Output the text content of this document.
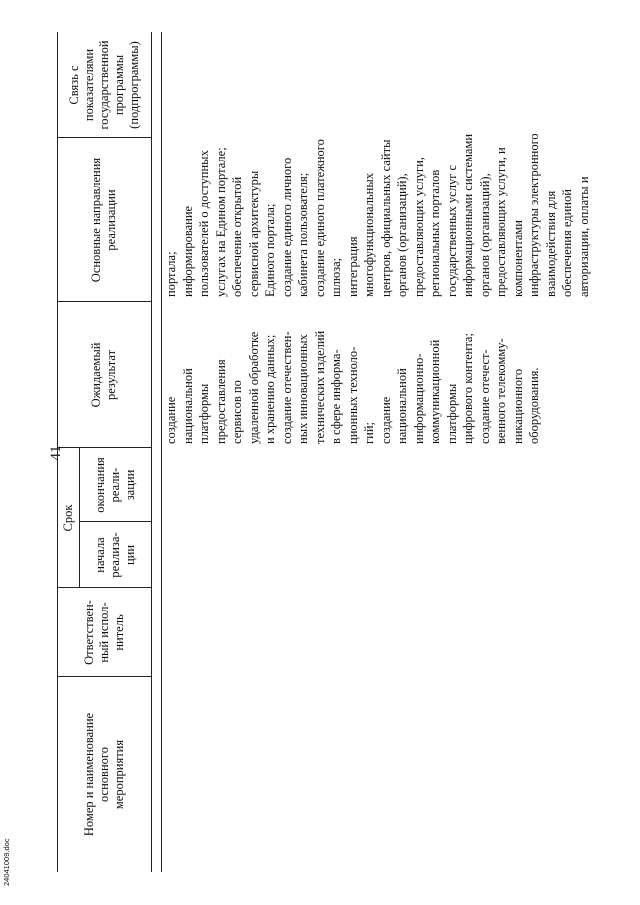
41
Номер и наименование основного мероприятия
Ответствен- ный испол- нитель
Срок
начала реализа- ции
окончания реали- зации
Ожидаемый результат
Основные направления реализации
Связь с показателями государственной программы (подпрограммы)
создание национальной платформы предоставления сервисов по удаленной обработке и хранению данных; создание отечествен- ных инновационных технических изделий в сфере информа- ционных техноло- гий; создание национальной информационно- коммуникационной платформы цифрового контента; создание отечест- венного телекомму- никационного оборудования.
портала; информирование пользователей о доступных услугах на Едином портале; обеспечение открытой сервисной архитектуры Единого портала; создание единого личного кабинета пользователя; создание единого платежного шлюза; интеграция многофункциональных центров, официальных сайты органов (организаций), предоставляющих услуги, региональных порталов государственных услуг с информационными системами органов (организаций), предоставляющих услуги, и компонентами инфраструктуры электронного взаимодействия для обеспечения единой авторизации, оплаты и
24041009.doc
